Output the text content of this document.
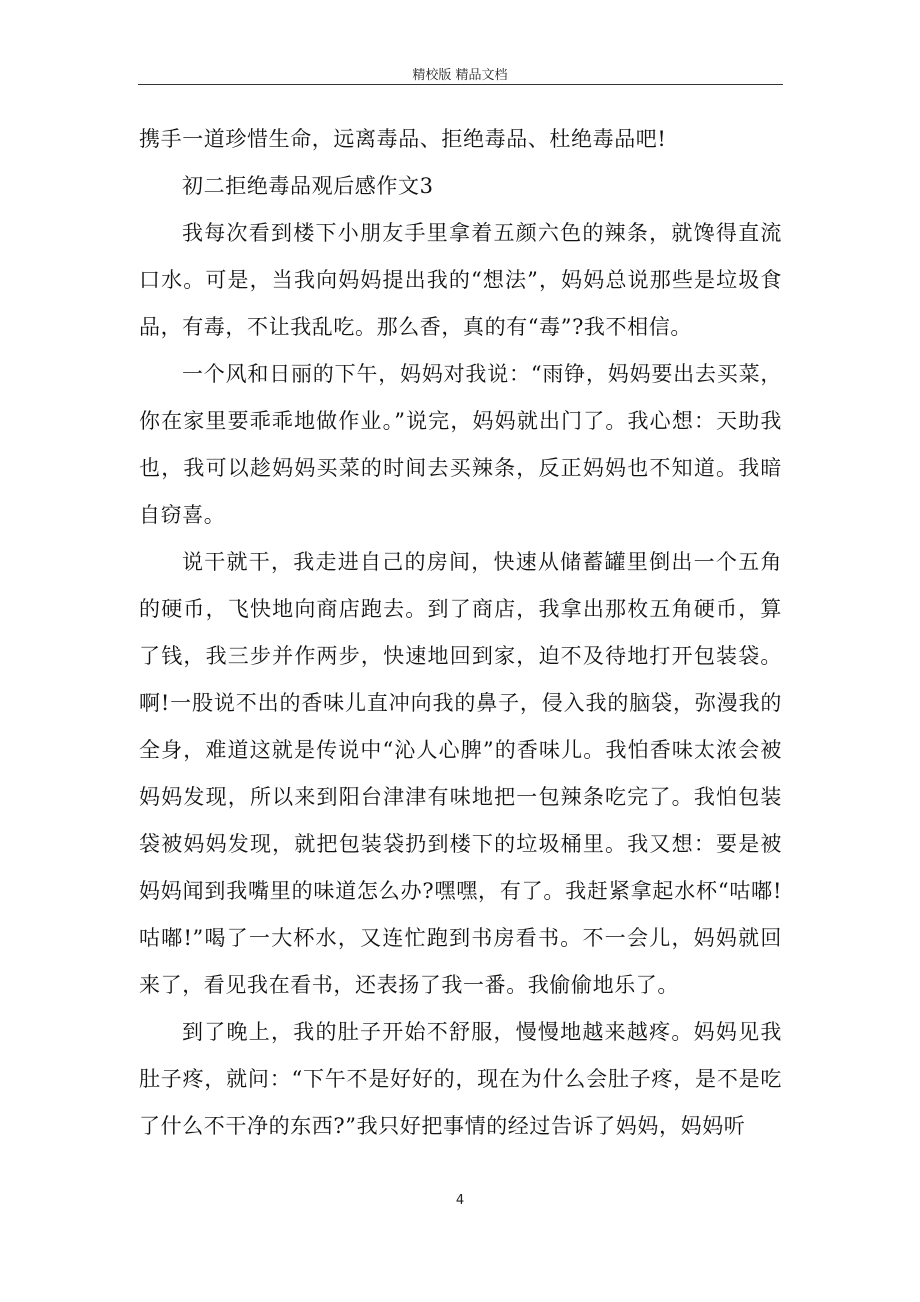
精校版 精品文档

携手一道珍惜生命，远离毒品、拒绝毒品、杜绝毒品吧!

初二拒绝毒品观后感作文3

我每次看到楼下小朋友手里拿着五颜六色的辣条，就馋得直流口水。可是，当我向妈妈提出我的“想法”，妈妈总说那些是垃圾食品，有毒，不让我乱吃。那么香，真的有“毒”?我不相信。

一个风和日丽的下午，妈妈对我说：“雨铮，妈妈要出去买菜，你在家里要乖乖地做作业。”说完，妈妈就出门了。我心想：天助我也，我可以趁妈妈买菜的时间去买辣条，反正妈妈也不知道。我暗自窃喜。

说干就干，我走进自己的房间，快速从储蓄罐里倒出一个五角的硬币，飞快地向商店跑去。到了商店，我拿出那枚五角硬币，算了钱，我三步并作两步，快速地回到家，迫不及待地打开包装袋。啊!一股说不出的香味儿直冲向我的鼻子，侵入我的脑袋，弥漫我的全身，难道这就是传说中“沁人心脾”的香味儿。我怕香味太浓会被妈妈发现，所以来到阳台津津有味地把一包辣条吃完了。我怕包装袋被妈妈发现，就把包装袋扔到楼下的垃圾桶里。我又想：要是被妈妈闻到我嘴里的味道怎么办?嘿嘿，有了。我赶紧拿起水杯“咕嘟!咕嘟!”喝了一大杯水，又连忙跑到书房看书。不一会儿，妈妈就回来了，看见我在看书，还表扬了我一番。我偷偷地乐了。

到了晚上，我的肚子开始不舒服，慢慢地越来越疼。妈妈见我肚子疼，就问：“下午不是好好的，现在为什么会肚子疼，是不是吃了什么不干净的东西?”我只好把事情的经过告诉了妈妈，妈妈听

4
